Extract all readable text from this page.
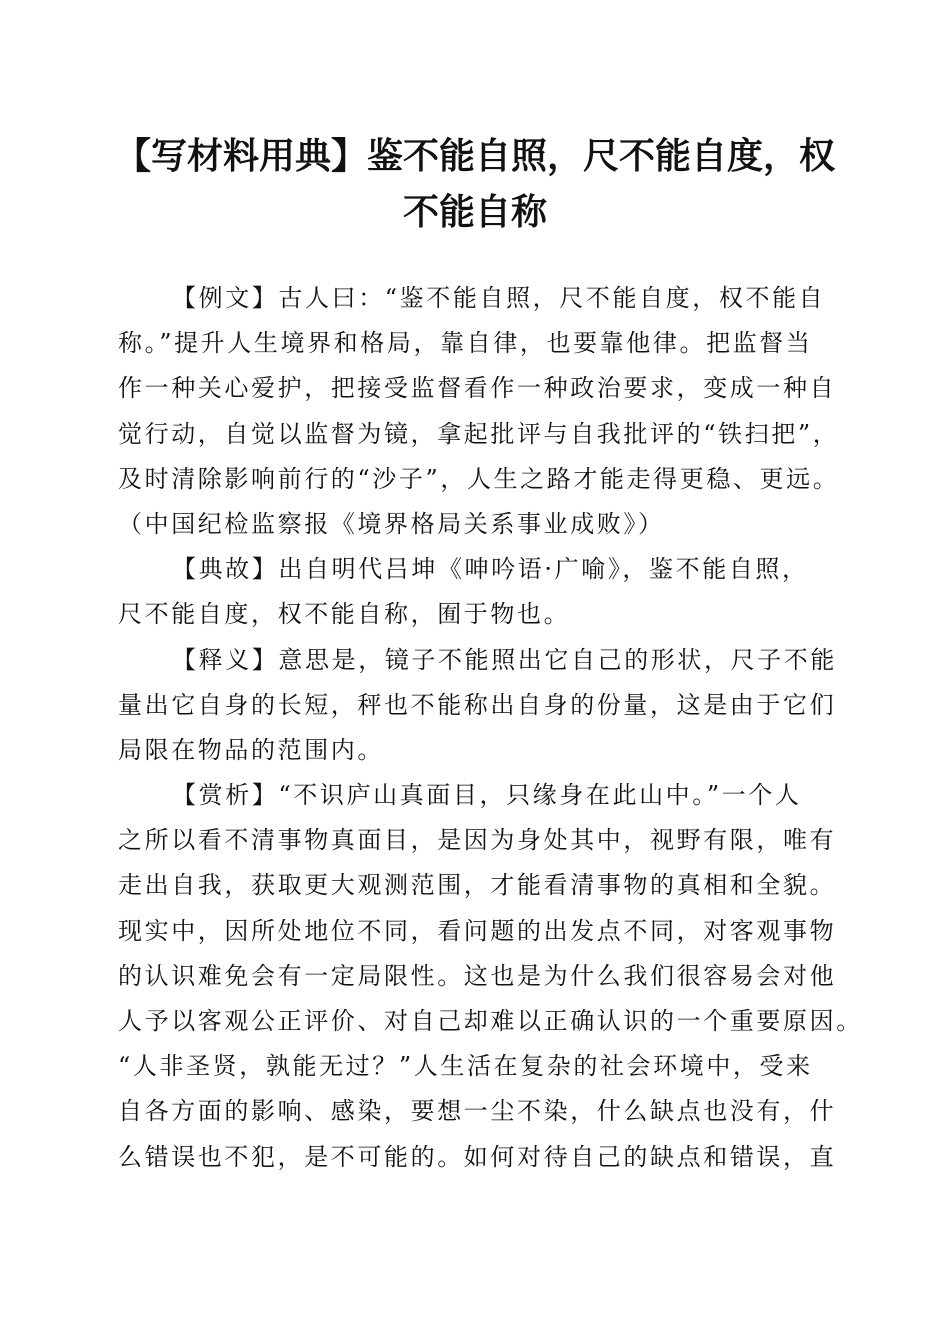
【写材料用典】鉴不能自照，尺不能自度，权
不能自称
【例文】古人曰：“鉴不能自照，尺不能自度，权不能自
称。”提升人生境界和格局，靠自律，也要靠他律。把监督当
作一种关心爱护，把接受监督看作一种政治要求，变成一种自
觉行动，自觉以监督为镜，拿起批评与自我批评的“铁扫把”，
及时清除影响前行的“沙子”，人生之路才能走得更稳、更远。
（中国纪检监察报《境界格局关系事业成败》）
【典故】出自明代吕坤《呻吟语·广喻》，鉴不能自照，
尺不能自度，权不能自称，囿于物也。
【释义】意思是，镜子不能照出它自己的形状，尺子不能
量出它自身的长短，秤也不能称出自身的份量，这是由于它们
局限在物品的范围内。
【赏析】“不识庐山真面目，只缘身在此山中。”一个人
之所以看不清事物真面目，是因为身处其中，视野有限，唯有
走出自我，获取更大观测范围，才能看清事物的真相和全貌。
现实中，因所处地位不同，看问题的出发点不同，对客观事物
的认识难免会有一定局限性。这也是为什么我们很容易会对他
人予以客观公正评价、对自己却难以正确认识的一个重要原因。
“人非圣贤，孰能无过？”人生活在复杂的社会环境中，受来
自各方面的影响、感染，要想一尘不染，什么缺点也没有，什
么错误也不犯，是不可能的。如何对待自己的缺点和错误，直
